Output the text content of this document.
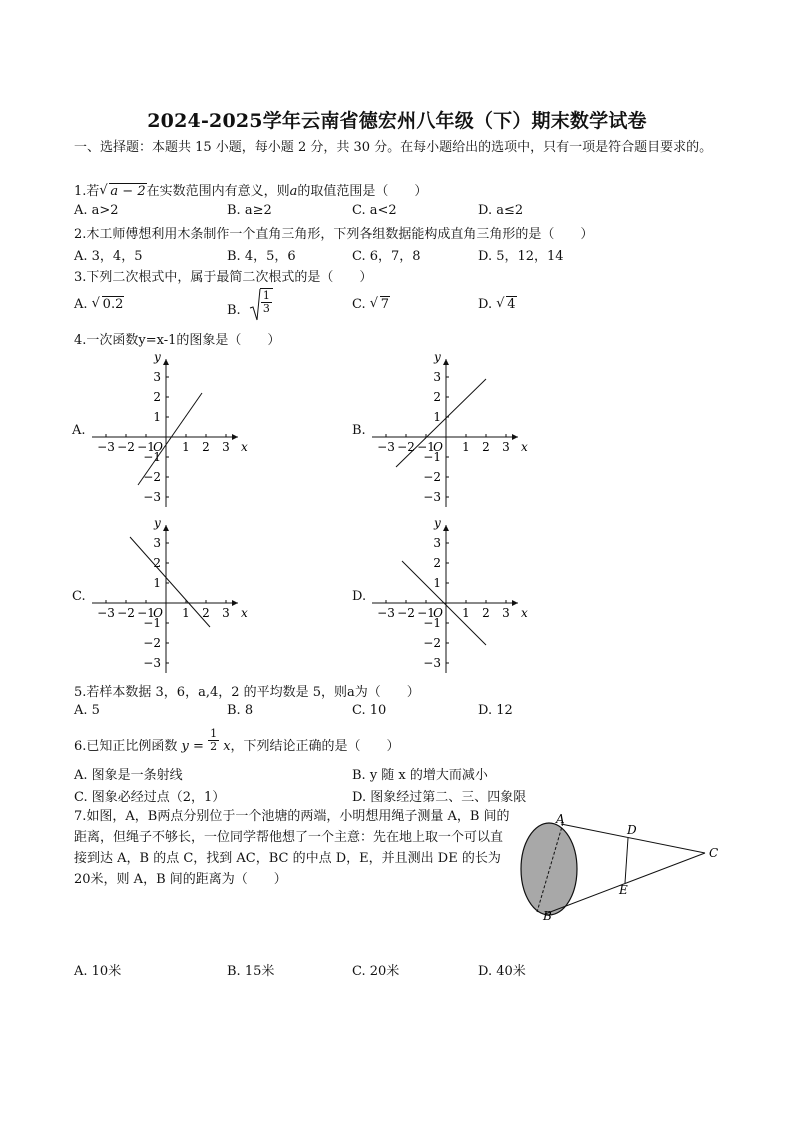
2024-2025学年云南省德宏州八年级（下）期末数学试卷
一、选择题：本题共 15 小题，每小题 2 分，共 30 分。在每小题给出的选项中，只有一项是符合题目要求的。
1.若 √ a − 2在实数范围内有意义，则a的取值范围是（　　）
A. a>2	B. a≥2	C. a<2	D. a≤2
2.木工师傅想利用木条制作一个直角三角形，下列各组数据能构成直角三角形的是（　　）
A. 3，4，5	B. 4，5，6	C. 6，7，8	D. 5，12，14
3.下列二次根式中，属于最简二次根式的是（　　）
A. √ 0.2	B. $\frac{1}{3}$	C. √ 7	D. √ 4
4.一次函数y=x-1的图象是（　　）
A.	B.
C.	D.
−3 −2 −1 1 2 3
3
2
1
−1
−2
−3
O	x
y
−3 −2 −1 1 2 3
3
2
1
−1
−2
−3
O	x
y
−3 −2 −1 1 2 3
3
2
1
−1
−2
−3
O	x
y
−3 −2 −1 1 2 3
3
2
1
−1
−2
−3
O	x
y
5.若样本数据 3，6，a,4，2 的平均数是 5，则a为（　　）
A. 5	B. 8	C. 10	D. 12
6.已知正比例函数 $y = \frac{1}{2}$ x，下列结论正确的是（　　）
A. 图象是一条射线	B. y 随 x 的增大而减小
C. 图象必经过点（2，1）	D. 图象经过第二、三、四象限
7.如图，A，B两点分别位于一个池塘的两端，小明想用绳子测量 A，B 间的距离，但绳子不够长，一位同学帮他想了一个主意：先在地上取一个可以直接到达 A，B 的点 C，找到 AC，BC 的中点 D，E，并且测出 DE 的长为 20米，则 A，B 间的距离为（　　）
A
B
C
D
E
A. 10米	B. 15米	C. 20米	D. 40米
